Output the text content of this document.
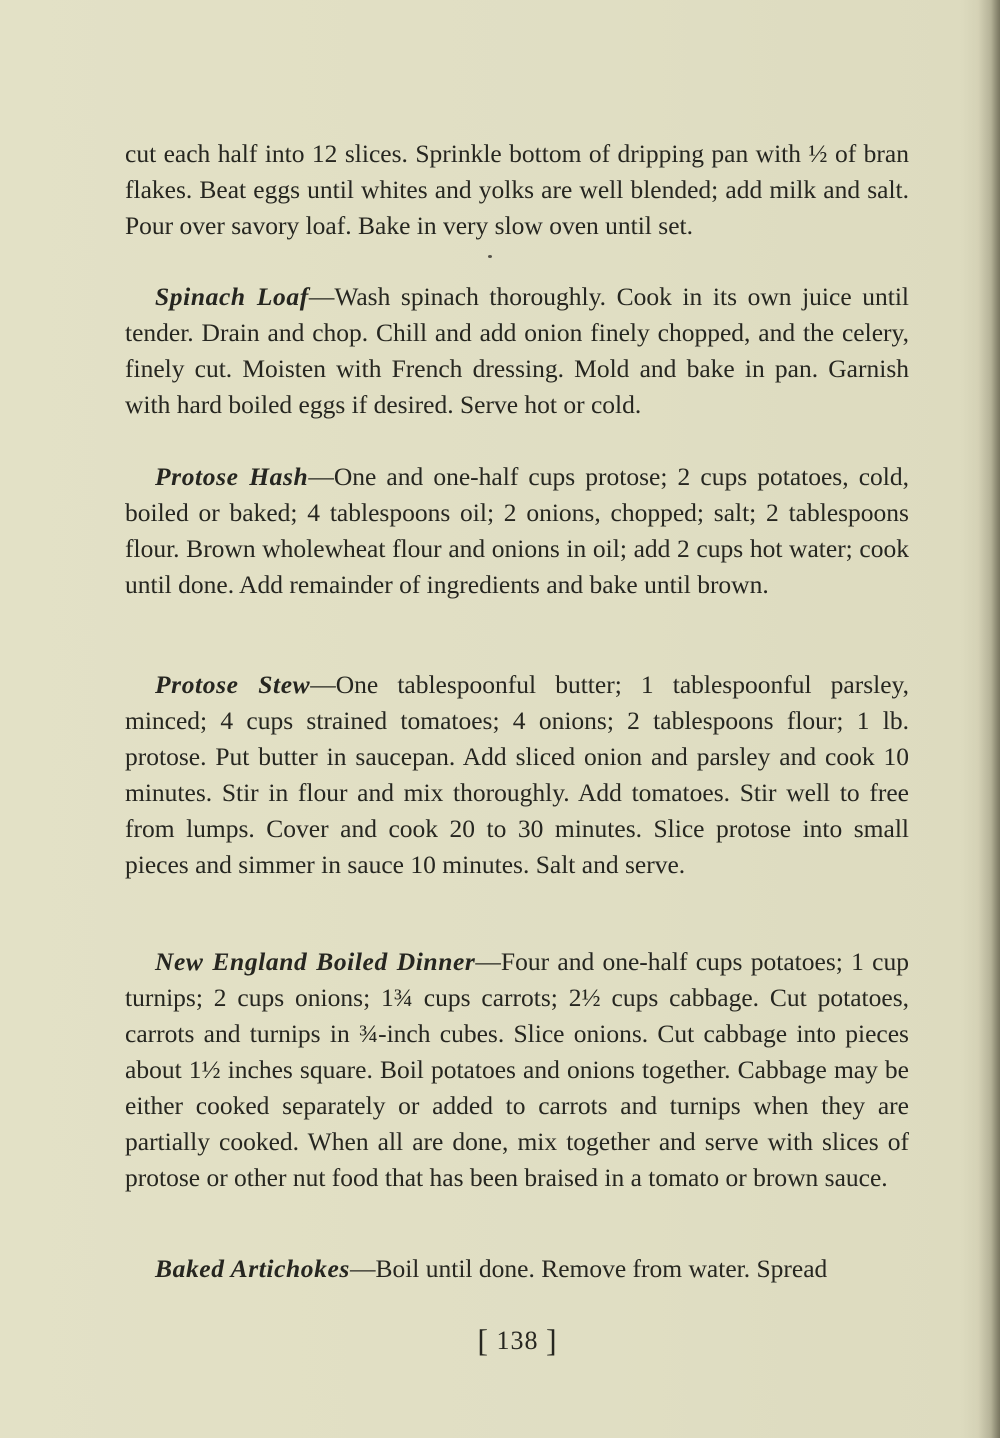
cut each half into 12 slices. Sprinkle bottom of dripping pan with ½ of bran flakes. Beat eggs until whites and yolks are well blended; add milk and salt. Pour over savory loaf. Bake in very slow oven until set.

Spinach Loaf—Wash spinach thoroughly. Cook in its own juice until tender. Drain and chop. Chill and add onion finely chopped, and the celery, finely cut. Moisten with French dressing. Mold and bake in pan. Garnish with hard boiled eggs if desired. Serve hot or cold.

Protose Hash—One and one-half cups protose; 2 cups potatoes, cold, boiled or baked; 4 tablespoons oil; 2 onions, chopped; salt; 2 tablespoons flour. Brown wholewheat flour and onions in oil; add 2 cups hot water; cook until done. Add remainder of ingredients and bake until brown.

Protose Stew—One tablespoonful butter; 1 tablespoonful parsley, minced; 4 cups strained tomatoes; 4 onions; 2 tablespoons flour; 1 lb. protose. Put butter in saucepan. Add sliced onion and parsley and cook 10 minutes. Stir in flour and mix thoroughly. Add tomatoes. Stir well to free from lumps. Cover and cook 20 to 30 minutes. Slice protose into small pieces and simmer in sauce 10 minutes. Salt and serve.

New England Boiled Dinner—Four and one-half cups potatoes; 1 cup turnips; 2 cups onions; 1¾ cups carrots; 2½ cups cabbage. Cut potatoes, carrots and turnips in ¾-inch cubes. Slice onions. Cut cabbage into pieces about 1½ inches square. Boil potatoes and onions together. Cabbage may be either cooked separately or added to carrots and turnips when they are partially cooked. When all are done, mix together and serve with slices of protose or other nut food that has been braised in a tomato or brown sauce.

Baked Artichokes—Boil until done. Remove from water. Spread

[ 138 ]
